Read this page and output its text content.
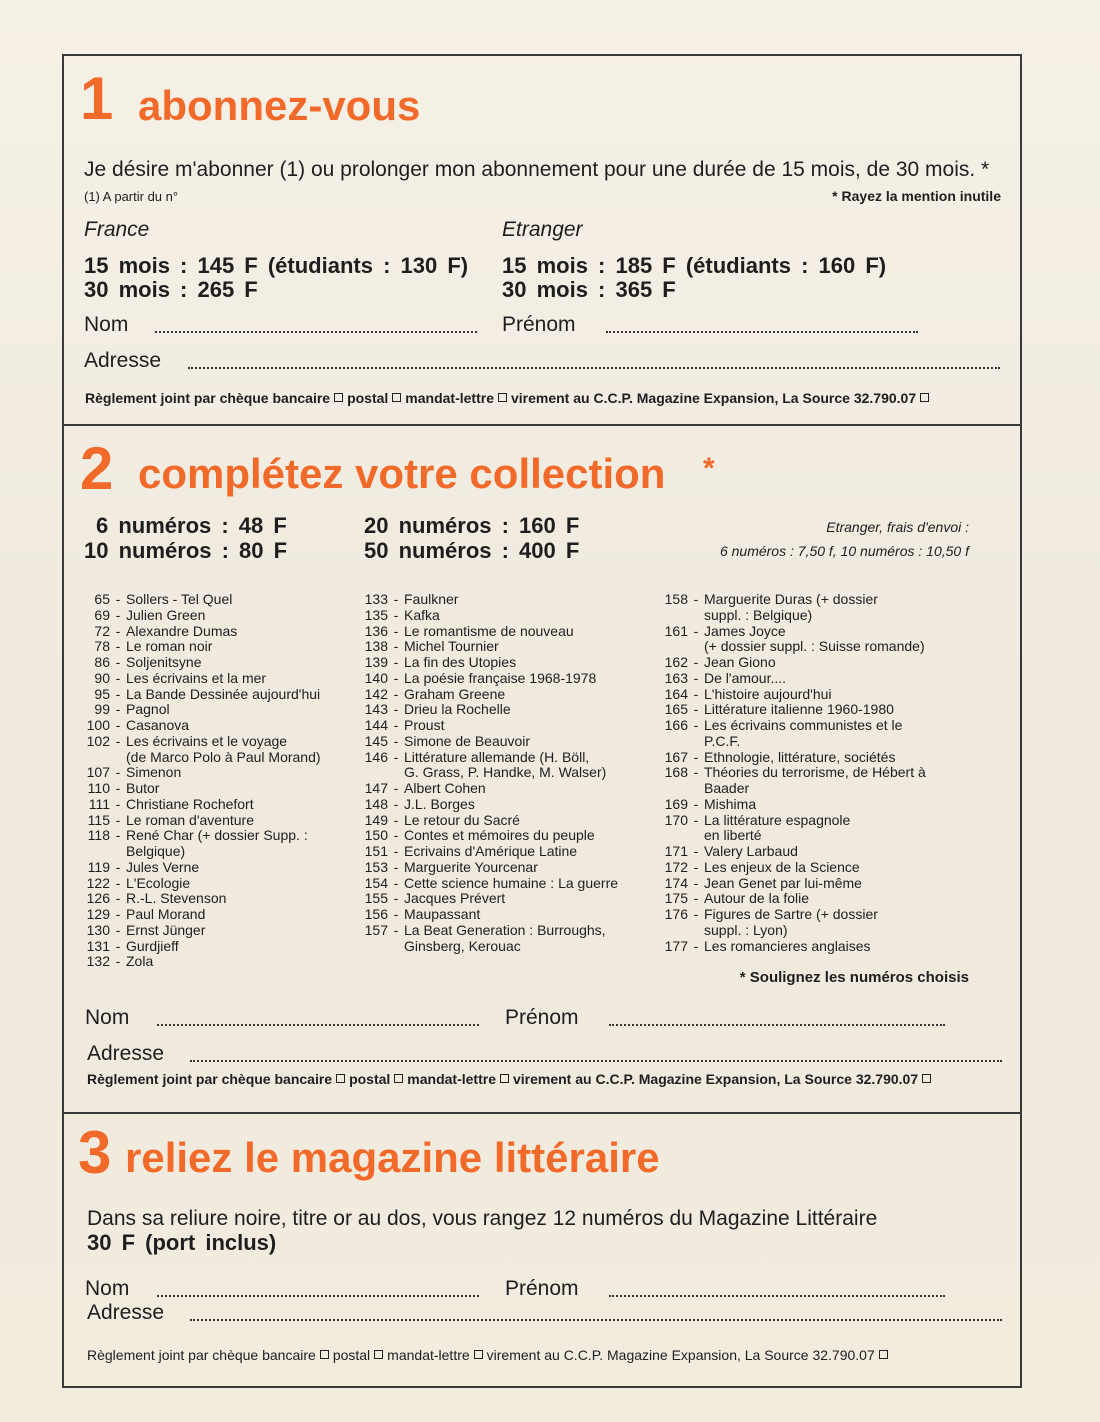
1 abonnez-vous
Je désire m'abonner (1) ou prolonger mon abonnement pour une durée de 15 mois, de 30 mois. *
(1) A partir du n°	* Rayez la mention inutile
France	Etranger
15 mois : 145 F (étudiants : 130 F)
30 mois : 265 F
15 mois : 185 F (étudiants : 160 F)
30 mois : 365 F
Nom	Prénom
Adresse
Règlement joint par chèque bancaire postal mandat-lettre virement au C.C.P. Magazine Expansion, La Source 32.790.07
2 complétez votre collection *
6 numéros : 48 F
10 numéros : 80 F
20 numéros : 160 F
50 numéros : 400 F
Etranger, frais d'envoi :
6 numéros : 7,50 f, 10 numéros : 10,50 f
65 - Sollers - Tel Quel
69 - Julien Green
72 - Alexandre Dumas
78 - Le roman noir
86 - Soljenitsyne
90 - Les écrivains et la mer
95 - La Bande Dessinée aujourd'hui
99 - Pagnol
100 - Casanova
102 - Les écrivains et le voyage
(de Marco Polo à Paul Morand)
107 - Simenon
110 - Butor
111 - Christiane Rochefort
115 - Le roman d'aventure
118 - René Char (+ dossier Supp. :
Belgique)
119 - Jules Verne
122 - L'Ecologie
126 - R.-L. Stevenson
129 - Paul Morand
130 - Ernst Jünger
131 - Gurdjieff
132 - Zola
133 - Faulkner
135 - Kafka
136 - Le romantisme de nouveau
138 - Michel Tournier
139 - La fin des Utopies
140 - La poésie française 1968-1978
142 - Graham Greene
143 - Drieu la Rochelle
144 - Proust
145 - Simone de Beauvoir
146 - Littérature allemande (H. Böll,
G. Grass, P. Handke, M. Walser)
147 - Albert Cohen
148 - J.L. Borges
149 - Le retour du Sacré
150 - Contes et mémoires du peuple
151 - Ecrivains d'Amérique Latine
153 - Marguerite Yourcenar
154 - Cette science humaine : La guerre
155 - Jacques Prévert
156 - Maupassant
157 - La Beat Generation : Burroughs,
Ginsberg, Kerouac
158 - Marguerite Duras (+ dossier
suppl. : Belgique)
161 - James Joyce
(+ dossier suppl. : Suisse romande)
162 - Jean Giono
163 - De l'amour....
164 - L'histoire aujourd'hui
165 - Littérature italienne 1960-1980
166 - Les écrivains communistes et le
P.C.F.
167 - Ethnologie, littérature, sociétés
168 - Théories du terrorisme, de Hébert à
Baader
169 - Mishima
170 - La littérature espagnole
en liberté
171 - Valery Larbaud
172 - Les enjeux de la Science
174 - Jean Genet par lui-même
175 - Autour de la folie
176 - Figures de Sartre (+ dossier
suppl. : Lyon)
177 - Les romancieres anglaises
* Soulignez les numéros choisis
Nom	Prénom
Adresse
Règlement joint par chèque bancaire postal mandat-lettre virement au C.C.P. Magazine Expansion, La Source 32.790.07
3 reliez le magazine littéraire
Dans sa reliure noire, titre or au dos, vous rangez 12 numéros du Magazine Littéraire
30 F (port inclus)
Nom	Prénom
Adresse
Règlement joint par chèque bancaire postal mandat-lettre virement au C.C.P. Magazine Expansion, La Source 32.790.07
